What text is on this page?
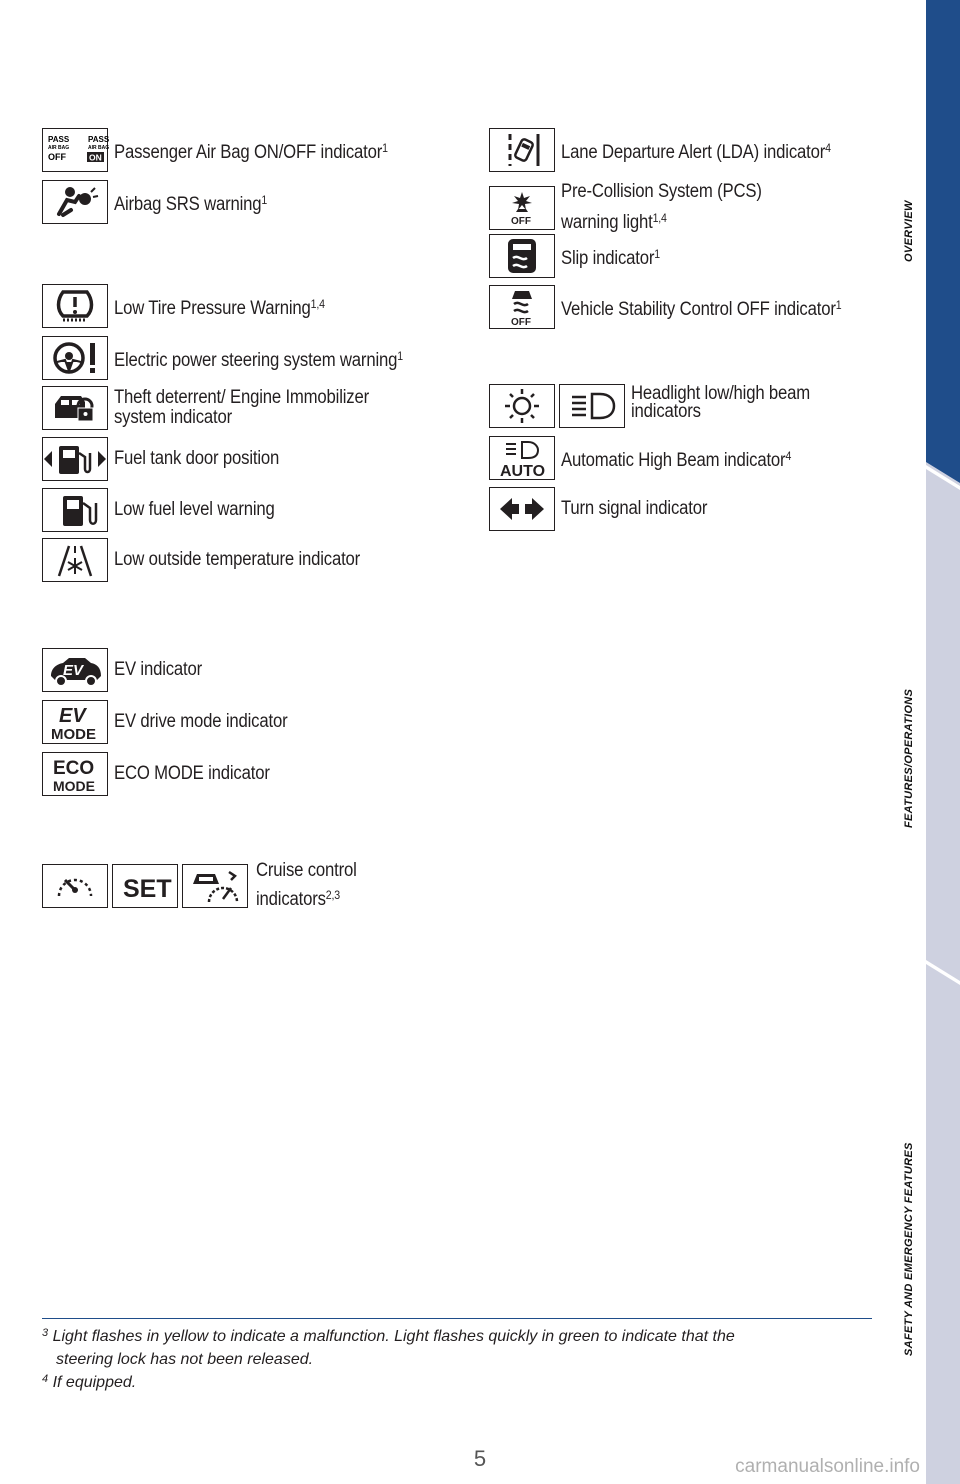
PASS
AIR BAG
OFF
PASS
AIR BAG
ON Passenger Air Bag ON/OFF indicator$^1$
Airbag SRS warning$^1$
Low Tire Pressure Warning$^{1,4}$
Electric power steering system warning$^1$
Theft deterrent/ Engine Immobilizer
system indicator
Fuel tank door position
Low fuel level warning
Low outside temperature indicator
EV EV indicator
EV
MODE
EV drive mode indicator
ECO
MODE
ECO MODE indicator
SET
Cruise control
indicators$^{2,3}$
Lane Departure Alert (LDA) indicator$^4$
OFF
Pre-Collision System (PCS)
warning light$^{1,4}$
Slip indicator$^1$
OFF
Vehicle Stability Control OFF indicator$^1$
Headlight low/high beam
indicators
AUTO
Automatic High Beam indicator$^4$
Turn signal indicator
$^3$ Light flashes in yellow to indicate a malfunction. Light flashes quickly in green to indicate that the
steering lock has not been released.
$^4$ If equipped.
5	carmanualsonline.info
OVERVIEW
FEATURES/OPERATIONS
SAFETY AND EMERGENCY FEATURES
